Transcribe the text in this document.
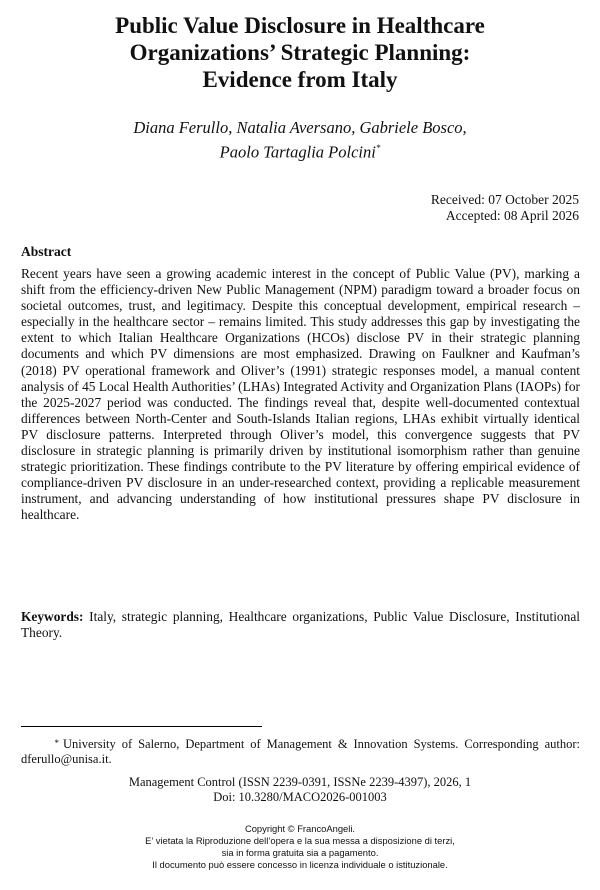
Public Value Disclosure in Healthcare
Organizations’ Strategic Planning:
Evidence from Italy
Diana Ferullo, Natalia Aversano, Gabriele Bosco,
Paolo Tartaglia Polcini*
Received: 07 October 2025
Accepted: 08 April 2026
Abstract

Recent years have seen a growing academic interest in the concept of Public Value (PV), marking a shift from the efficiency-driven New Public Management (NPM) paradigm toward a broader focus on societal outcomes, trust, and legitimacy. Despite this conceptual development, empirical research – especially in the healthcare sector – remains limited. This study addresses this gap by investigating the extent to which Italian Healthcare Organizations (HCOs) disclose PV in their strategic planning documents and which PV dimensions are most emphasized. Drawing on Faulkner and Kaufman’s (2018) PV operational framework and Oliver’s (1991) strategic responses model, a manual content analysis of 45 Local Health Authorities’ (LHAs) Integrated Activity and Organization Plans (IAOPs) for the 2025-2027 period was conducted. The findings reveal that, despite well-documented contextual differences between North-Center and South-Islands Italian regions, LHAs exhibit virtually identical PV disclosure patterns. Interpreted through Oliver’s model, this convergence suggests that PV disclosure in strategic planning is primarily driven by institutional isomorphism rather than genuine strategic prioritization. These findings contribute to the PV literature by offering empirical evidence of compliance-driven PV disclosure in an under-researched context, providing a replicable measurement instrument, and advancing understanding of how institutional pressures shape PV disclosure in healthcare.

Keywords: Italy, strategic planning, Healthcare organizations, Public Value Disclosure, Institutional Theory.

* University of Salerno, Department of Management & Innovation Systems. Corresponding author: dferullo@unisa.it.

Management Control (ISSN 2239-0391, ISSNe 2239-4397), 2026, 1
Doi: 10.3280/MACO2026-001003
Copyright © FrancoAngeli.
E’ vietata la Riproduzione dell’opera e la sua messa a disposizione di terzi,
sia in forma gratuita sia a pagamento.
Il documento può essere concesso in licenza individuale o istituzionale.
